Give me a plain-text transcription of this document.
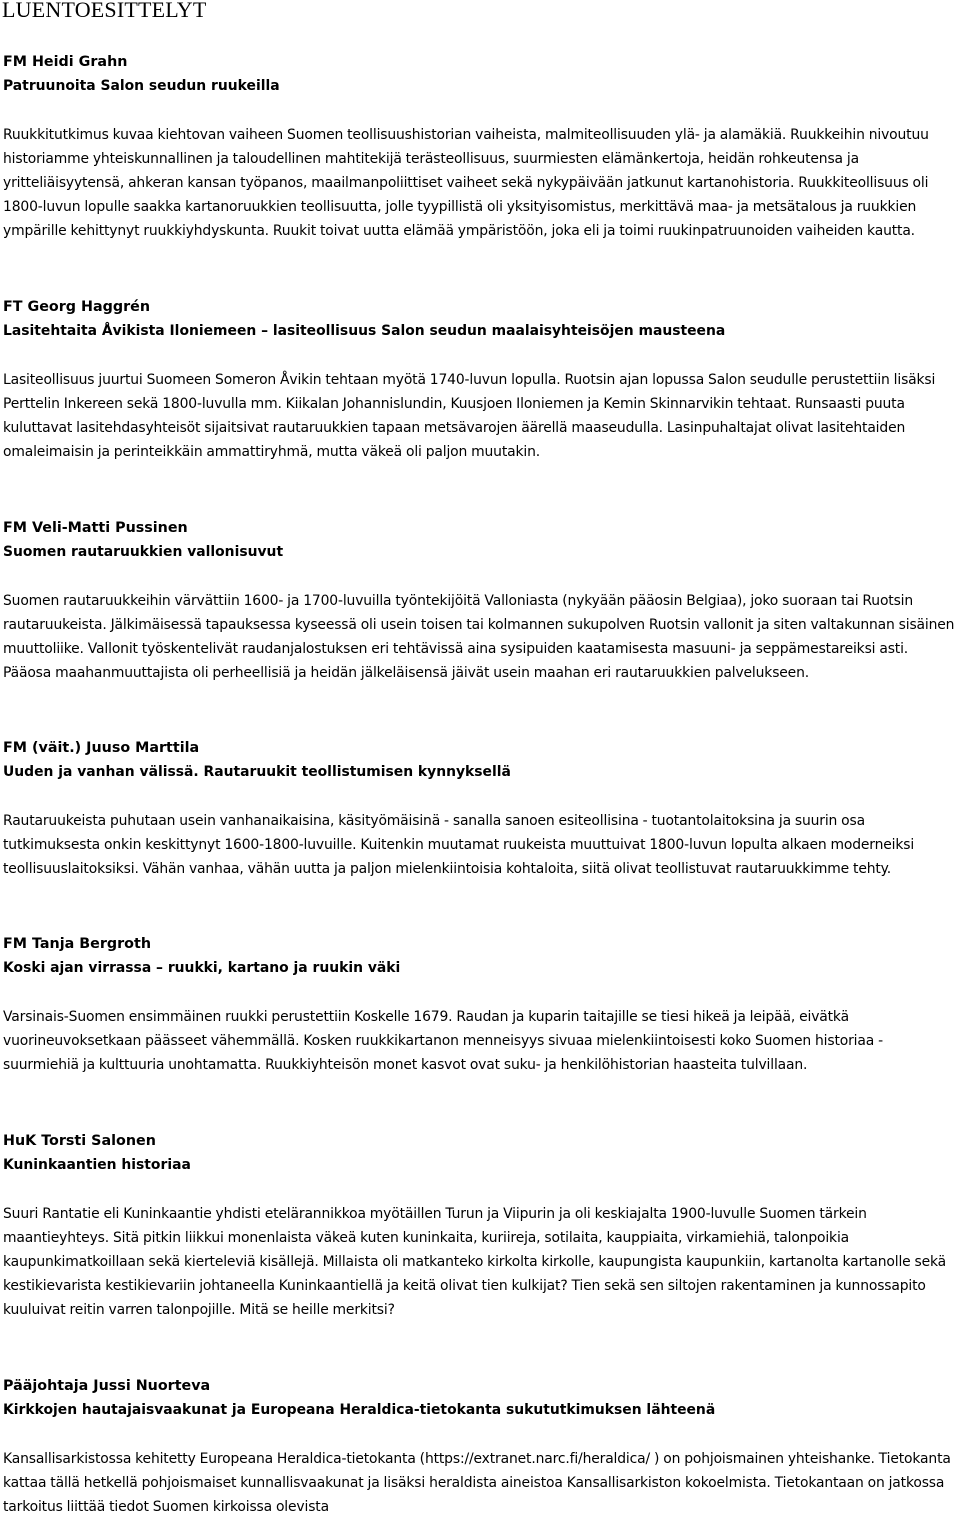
LUENTOESITTELYT

FM Heidi Grahn

Patruunoita Salon seudun ruukeilla

Ruukkitutkimus kuvaa kiehtovan vaiheen Suomen teollisuushistorian vaiheista, malmiteollisuuden ylä- ja alamäkiä. Ruukkeihin nivoutuu historiamme yhteiskunnallinen ja taloudellinen mahtitekijä terästeollisuus, suurmiesten elämänkertoja, heidän rohkeutensa ja yritteliäisyytensä, ahkeran kansan työpanos, maailmanpoliittiset vaiheet sekä nykypäivään jatkunut kartanohistoria. Ruukkiteollisuus oli 1800-luvun lopulle saakka kartanoruukkien teollisuutta, jolle tyypillistä oli yksityisomistus, merkittävä maa- ja metsätalous ja ruukkien ympärille kehittynyt ruukkiyhdyskunta. Ruukit toivat uutta elämää ympäristöön, joka eli ja toimi ruukinpatruunoiden vaiheiden kautta.

FT Georg Haggrén

Lasitehtaita Åvikista Iloniemeen – lasiteollisuus Salon seudun maalaisyhteisöjen mausteena

Lasiteollisuus juurtui Suomeen Someron Åvikin tehtaan myötä 1740-luvun lopulla. Ruotsin ajan lopussa Salon seudulle perustettiin lisäksi Perttelin Inkereen sekä 1800-luvulla mm. Kiikalan Johannislundin, Kuusjoen Iloniemen ja Kemin Skinnarvikin tehtaat. Runsaasti puuta kuluttavat lasitehdasyhteisöt sijaitsivat rautaruukkien tapaan metsävarojen äärellä maaseudulla. Lasinpuhaltajat olivat lasitehtaiden omaleimaisin ja perinteikkäin ammattiryhmä, mutta väkeä oli paljon muutakin.

FM Veli-Matti Pussinen

Suomen rautaruukkien vallonisuvut

Suomen rautaruukkeihin värvättiin 1600- ja 1700-luvuilla työntekijöitä Valloniasta (nykyään pääosin Belgiaa), joko suoraan tai Ruotsin rautaruukeista. Jälkimäisessä tapauksessa kyseessä oli usein toisen tai kolmannen sukupolven Ruotsin vallonit ja siten valtakunnan sisäinen muuttoliike. Vallonit työskentelivät raudanjalostuksen eri tehtävissä aina sysipuiden kaatamisesta masuuni- ja seppämestareiksi asti. Pääosa maahanmuuttajista oli perheellisiä ja heidän jälkeläisensä jäivät usein maahan eri rautaruukkien palvelukseen.

FM (väit.) Juuso Marttila

Uuden ja vanhan välissä. Rautaruukit teollistumisen kynnyksellä

Rautaruukeista puhutaan usein vanhanaikaisina, käsityömäisinä - sanalla sanoen esiteollisina - tuotantolaitoksina ja suurin osa tutkimuksesta onkin keskittynyt 1600-1800-luvuille. Kuitenkin muutamat ruukeista muuttuivat 1800-luvun lopulta alkaen moderneiksi teollisuuslaitoksiksi. Vähän vanhaa, vähän uutta ja paljon mielenkiintoisia kohtaloita, siitä olivat teollistuvat rautaruukkimme tehty.

FM Tanja Bergroth

Koski ajan virrassa – ruukki, kartano ja ruukin väki

Varsinais-Suomen ensimmäinen ruukki perustettiin Koskelle 1679. Raudan ja kuparin taitajille se tiesi hikeä ja leipää, eivätkä vuorineuvoksetkaan päässeet vähemmällä. Kosken ruukkikartanon menneisyys sivuaa mielenkiintoisesti koko Suomen historiaa -suurmiehiä ja kulttuuria unohtamatta. Ruukkiyhteisön monet kasvot ovat suku- ja henkilöhistorian haasteita tulvillaan.

HuK Torsti Salonen

Kuninkaantien historiaa

Suuri Rantatie eli Kuninkaantie yhdisti etelärannikkoa myötäillen Turun ja Viipurin ja oli keskiajalta 1900-luvulle Suomen tärkein maantieyhteys. Sitä pitkin liikkui monenlaista väkeä kuten kuninkaita, kuriireja, sotilaita, kauppiaita, virkamiehiä, talonpoikia kaupunkimatkoillaan sekä kierteleviä kisällejä. Millaista oli matkanteko kirkolta kirkolle, kaupungista kaupunkiin, kartanolta kartanolle sekä kestikievarista kestikievariin johtaneella Kuninkaantiellä ja keitä olivat tien kulkijat? Tien sekä sen siltojen rakentaminen ja kunnossapito kuuluivat reitin varren talonpojille. Mitä se heille merkitsi?

Pääjohtaja Jussi Nuorteva

Kirkkojen hautajaisvaakunat ja Europeana Heraldica-tietokanta sukututkimuksen lähteenä

Kansallisarkistossa kehitetty Europeana Heraldica-tietokanta (https://extranet.narc.fi/heraldica/ ) on pohjoismainen yhteishanke. Tietokanta kattaa tällä hetkellä pohjoismaiset kunnallisvaakunat ja lisäksi heraldista aineistoa Kansallisarkiston kokoelmista. Tietokantaan on jatkossa tarkoitus liittää tiedot Suomen kirkoissa olevista
